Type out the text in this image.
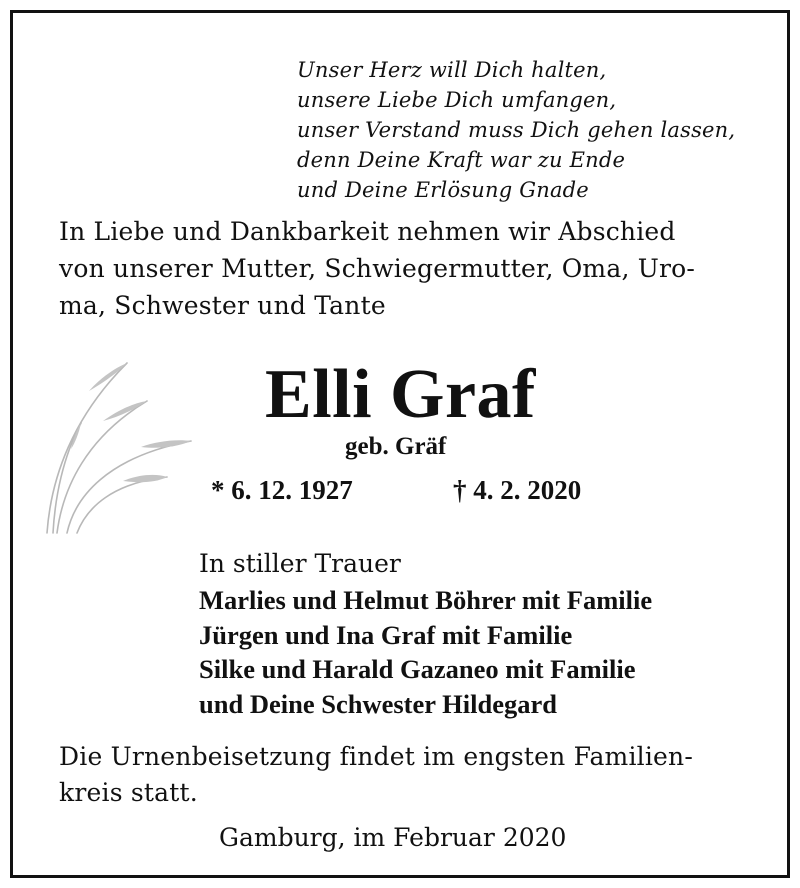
Unser Herz will Dich halten,
unsere Liebe Dich umfangen,
unser Verstand muss Dich gehen lassen,
denn Deine Kraft war zu Ende
und Deine Erlösung Gnade
In Liebe und Dankbarkeit nehmen wir Abschied
von unserer Mutter, Schwiegermutter, Oma, Uro-
ma, Schwester und Tante
Elli Graf
geb. Gräf
* 6. 12. 1927	† 4. 2. 2020
In stiller Trauer
Marlies und Helmut Böhrer mit Familie
Jürgen und Ina Graf mit Familie
Silke und Harald Gazaneo mit Familie
und Deine Schwester Hildegard
Die Urnenbeisetzung findet im engsten Familien-
kreis statt.
Gamburg, im Februar 2020
